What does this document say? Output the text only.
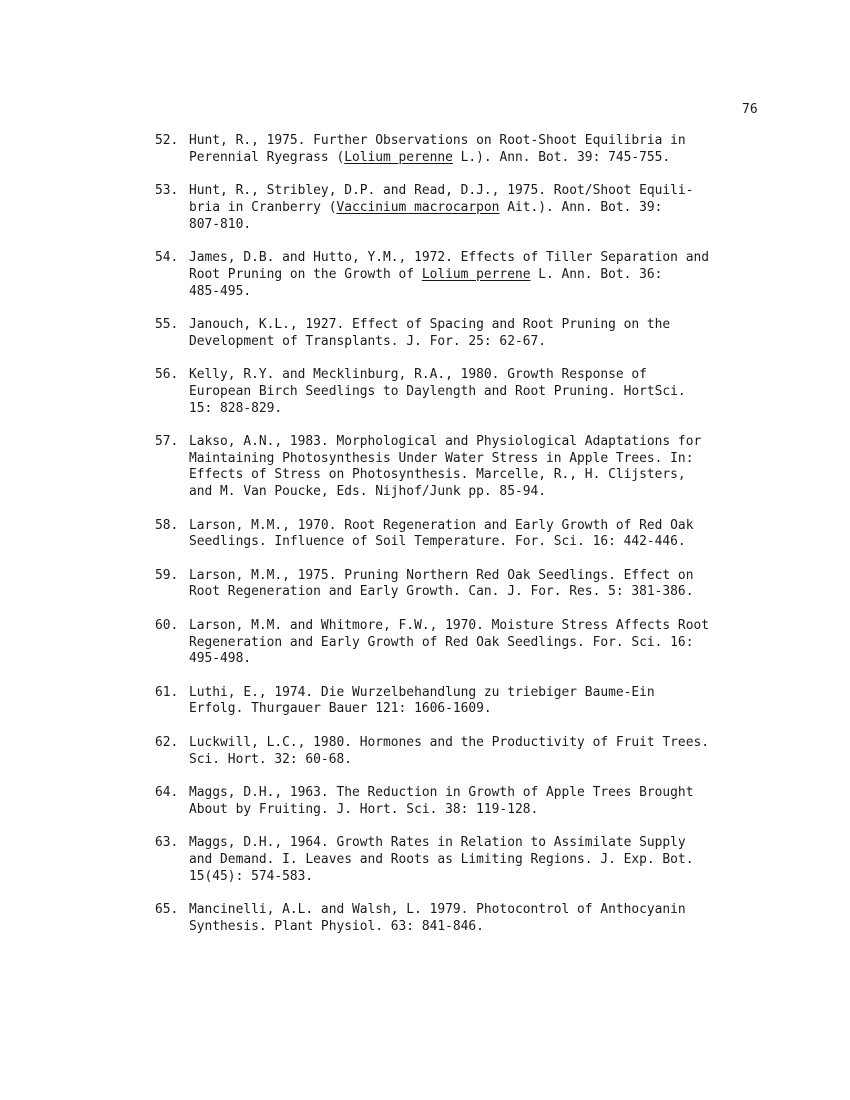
76
52. Hunt, R., 1975. Further Observations on Root-Shoot Equilibria in
Perennial Ryegrass (Lolium perenne L.). Ann. Bot. 39: 745-755.
53. Hunt, R., Stribley, D.P. and Read, D.J., 1975. Root/Shoot Equili-
bria in Cranberry (Vaccinium macrocarpon Ait.). Ann. Bot. 39:
807-810.
54. James, D.B. and Hutto, Y.M., 1972. Effects of Tiller Separation and
Root Pruning on the Growth of Lolium perrene L. Ann. Bot. 36:
485-495.
55. Janouch, K.L., 1927. Effect of Spacing and Root Pruning on the
Development of Transplants. J. For. 25: 62-67.
56. Kelly, R.Y. and Mecklinburg, R.A., 1980. Growth Response of
European Birch Seedlings to Daylength and Root Pruning. HortSci.
15: 828-829.
57. Lakso, A.N., 1983. Morphological and Physiological Adaptations for
Maintaining Photosynthesis Under Water Stress in Apple Trees. In:
Effects of Stress on Photosynthesis. Marcelle, R., H. Clijsters,
and M. Van Poucke, Eds. Nijhof/Junk pp. 85-94.
58. Larson, M.M., 1970. Root Regeneration and Early Growth of Red Oak
Seedlings. Influence of Soil Temperature. For. Sci. 16: 442-446.
59. Larson, M.M., 1975. Pruning Northern Red Oak Seedlings. Effect on
Root Regeneration and Early Growth. Can. J. For. Res. 5: 381-386.
60. Larson, M.M. and Whitmore, F.W., 1970. Moisture Stress Affects Root
Regeneration and Early Growth of Red Oak Seedlings. For. Sci. 16:
495-498.
61. Luthi, E., 1974. Die Wurzelbehandlung zu triebiger Baume-Ein
Erfolg. Thurgauer Bauer 121: 1606-1609.
62. Luckwill, L.C., 1980. Hormones and the Productivity of Fruit Trees.
Sci. Hort. 32: 60-68.
64. Maggs, D.H., 1963. The Reduction in Growth of Apple Trees Brought
About by Fruiting. J. Hort. Sci. 38: 119-128.
63. Maggs, D.H., 1964. Growth Rates in Relation to Assimilate Supply
and Demand. I. Leaves and Roots as Limiting Regions. J. Exp. Bot.
15(45): 574-583.
65. Mancinelli, A.L. and Walsh, L. 1979. Photocontrol of Anthocyanin
Synthesis. Plant Physiol. 63: 841-846.
